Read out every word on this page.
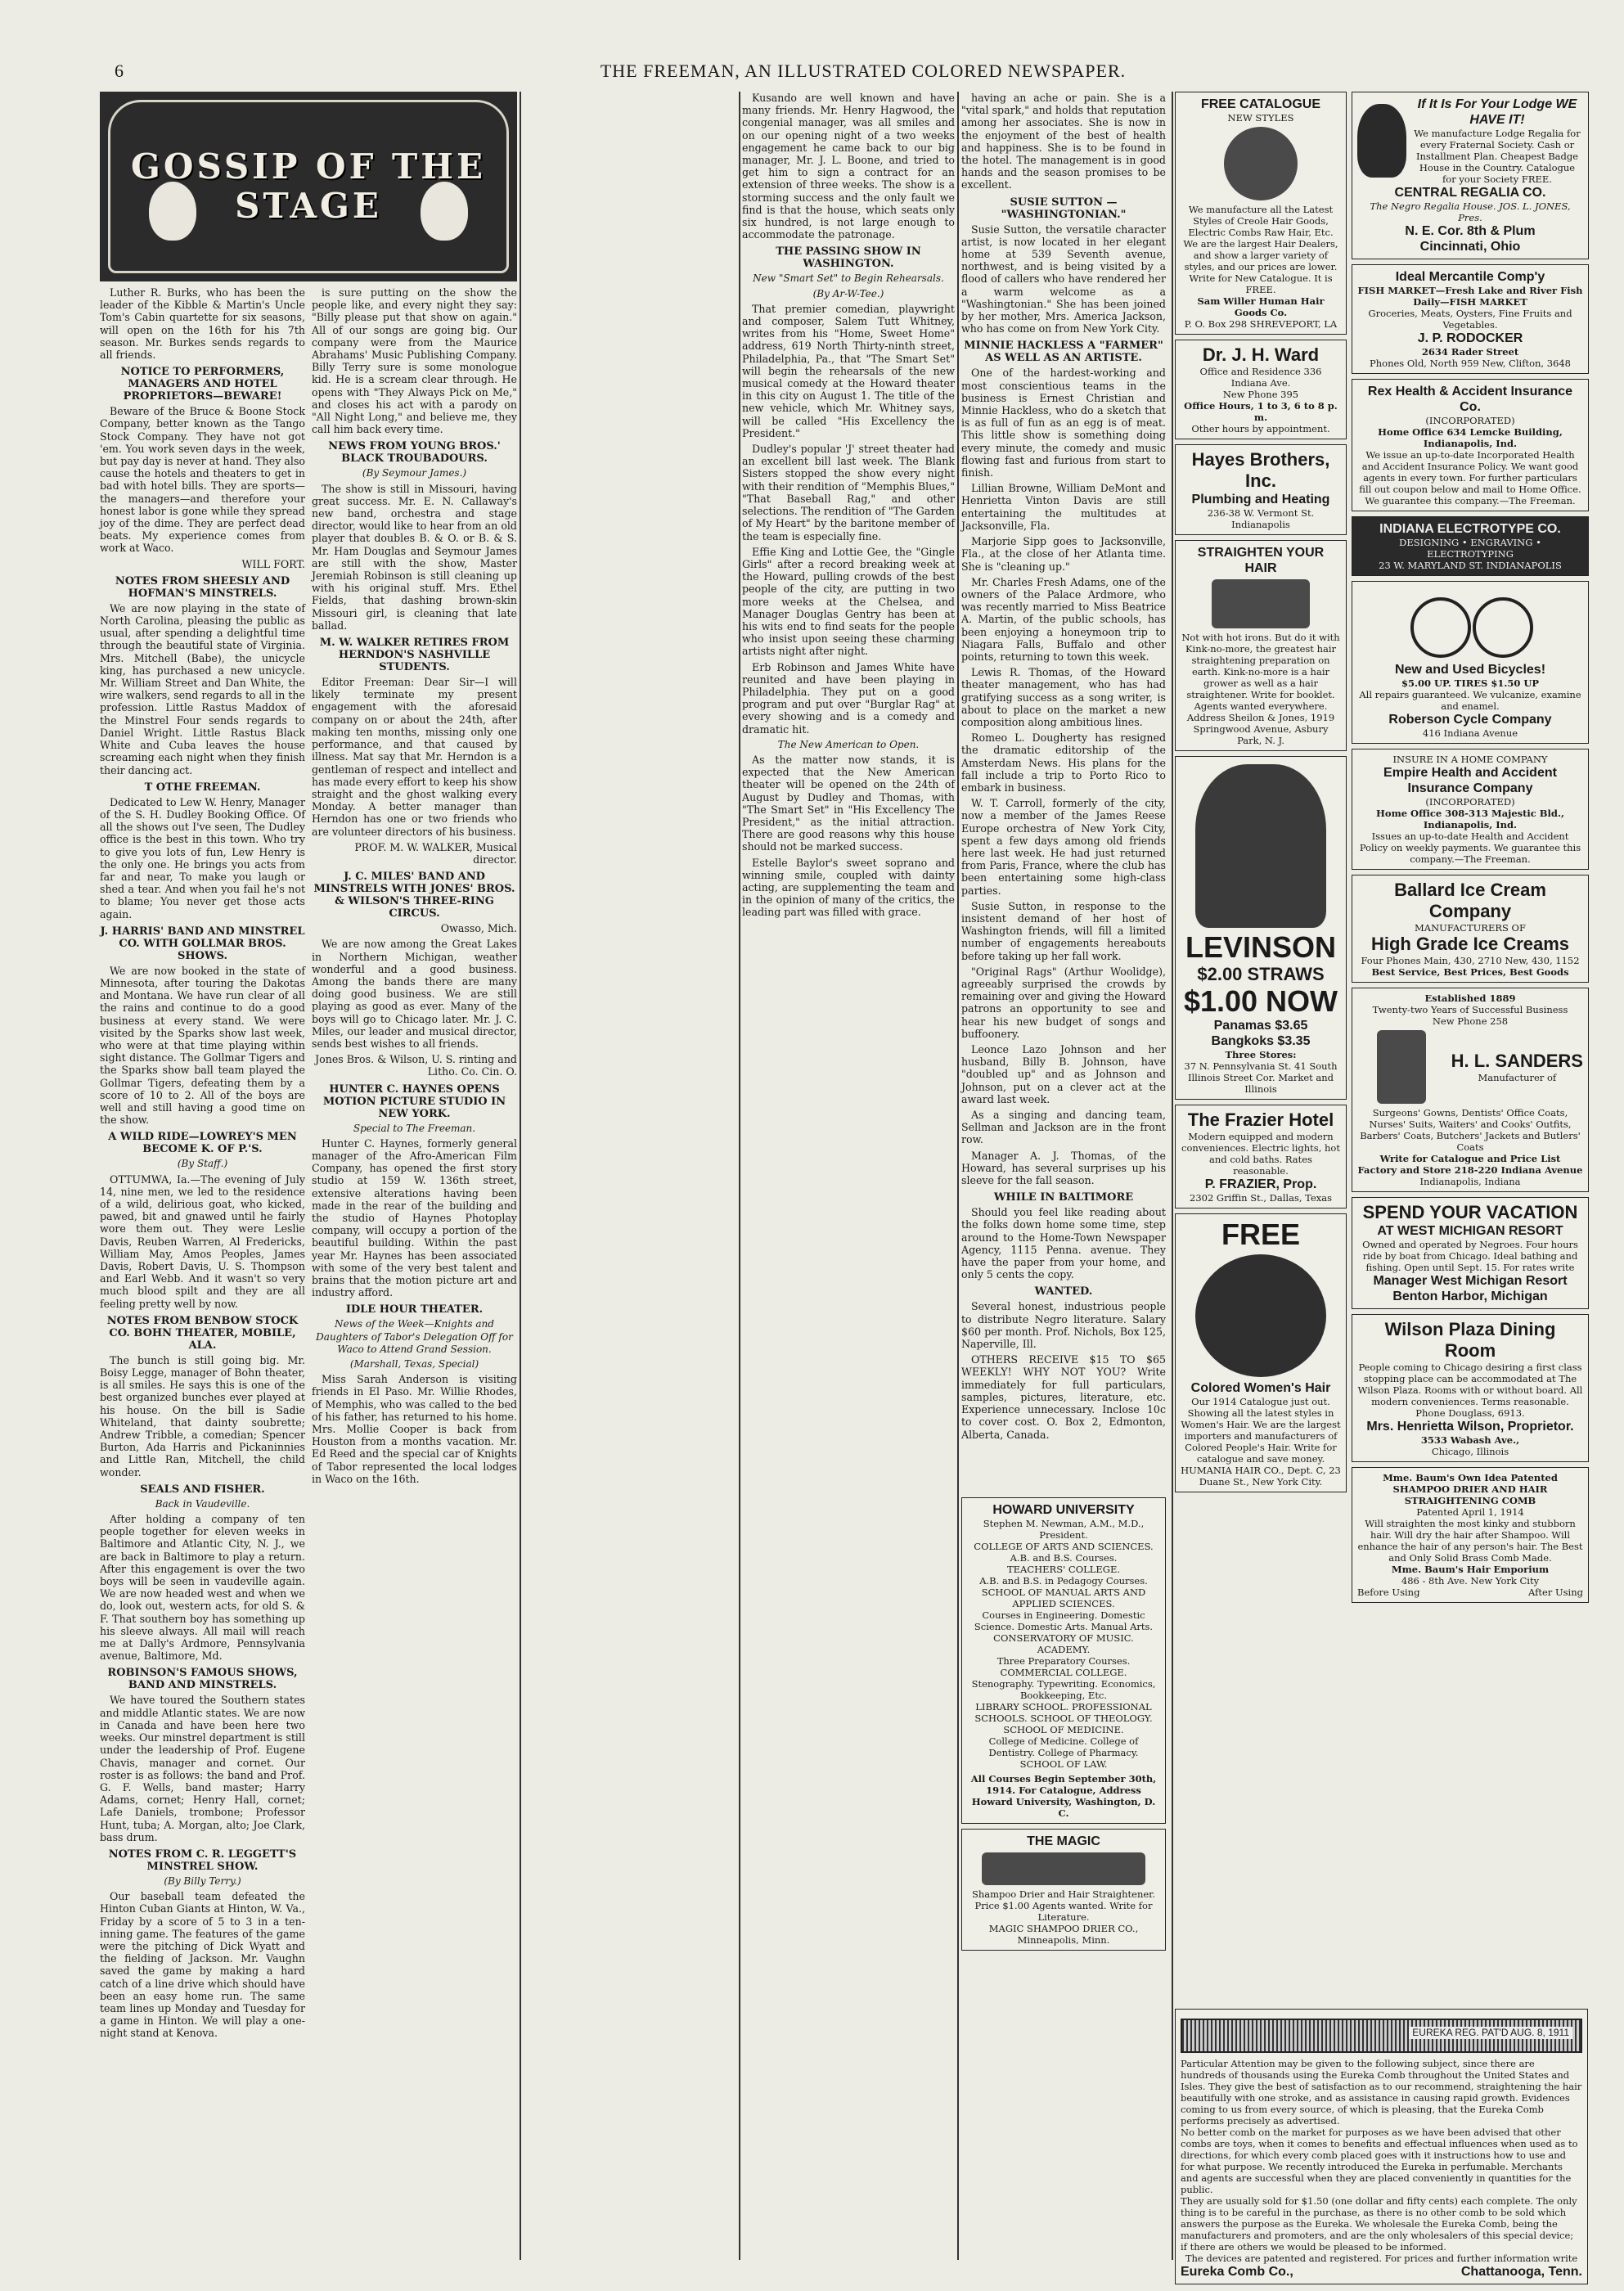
6	THE FREEMAN, AN ILLUSTRATED COLORED NEWSPAPER.
GOSSIP OF THE STAGE

Luther R. Burks, who has been the leader of the Kibble & Martin's Uncle Tom's Cabin quartette for six seasons, will open on the 16th for his 7th season. Mr. Burkes sends regards to all friends.

NOTICE TO PERFORMERS, MANAGERS AND HOTEL PROPRIETORS—BEWARE!

Beware of the Bruce & Boone Stock Company, better known as the Tango Stock Company. They have not got 'em. You work seven days in the week, but pay day is never at hand. They also cause the hotels and theaters to get in bad with hotel bills. They are sports—the managers—and therefore your honest labor is gone while they spread joy of the dime. They are perfect dead beats. My experience comes from work at Waco.

WILL FORT.

NOTES FROM SHEESLY AND HOFMAN'S MINSTRELS.

We are now playing in the state of North Carolina, pleasing the public as usual, after spending a delightful time through the beautiful state of Virginia. Mrs. Mitchell (Babe), the unicycle king, has purchased a new unicycle. Mr. William Street and Dan White, the wire walkers, send regards to all in the profession. Little Rastus Maddox of the Minstrel Four sends regards to Daniel Wright. Little Rastus Black White and Cuba leaves the house screaming each night when they finish their dancing act.

T OTHE FREEMAN.

Dedicated to Lew W. Henry, Manager of the S. H. Dudley Booking Office. Of all the shows out I've seen, The Dudley office is the best in this town. Who try to give you lots of fun, Lew Henry is the only one. He brings you acts from far and near, To make you laugh or shed a tear. And when you fail he's not to blame; You never get those acts again.

J. HARRIS' BAND AND MINSTREL CO. WITH GOLLMAR BROS. SHOWS.

We are now booked in the state of Minnesota, after touring the Dakotas and Montana. We have run clear of all the rains and continue to do a good business at every stand. We were visited by the Sparks show last week, who were at that time playing within sight distance. The Gollmar Tigers and the Sparks show ball team played the Gollmar Tigers, defeating them by a score of 10 to 2. All of the boys are well and still having a good time on the show.

A WILD RIDE—LOWREY'S MEN BECOME K. OF P.'S.
(By Staff.)

OTTUMWA, Ia.—The evening of July 14, nine men, we led to the residence of a wild, delirious goat, who kicked, pawed, bit and gnawed until he fairly wore them out. They were Leslie Davis, Reuben Warren, Al Fredericks, William May, Amos Peoples, James Davis, Robert Davis, U. S. Thompson and Earl Webb. And it wasn't so very much blood spilt and they are all feeling pretty well by now.

NOTES FROM BENBOW STOCK CO. BOHN THEATER, MOBILE, ALA.

The bunch is still going big. Mr. Boisy Legge, manager of Bohn theater, is all smiles. He says this is one of the best organized bunches ever played at his house. On the bill is Sadie Whiteland, that dainty soubrette; Andrew Tribble, a comedian; Spencer Burton, Ada Harris and Pickaninnies and Little Ran, Mitchell, the child wonder.

SEALS AND FISHER.
Back in Vaudeville.

After holding a company of ten people together for eleven weeks in Baltimore and Atlantic City, N. J., we are back in Baltimore to play a return. After this engagement is over the two boys will be seen in vaudeville again. We are now headed west and when we do, look out, western acts, for old S. & F. That southern boy has something up his sleeve always. All mail will reach me at Dally's Ardmore, Pennsylvania avenue, Baltimore, Md.

ROBINSON'S FAMOUS SHOWS, BAND AND MINSTRELS.

We have toured the Southern states and middle Atlantic states. We are now in Canada and have been here two weeks. Our minstrel department is still under the leadership of Prof. Eugene Chavis, manager and cornet. Our roster is as follows: the band and Prof. G. F. Wells, band master; Harry Adams, cornet; Henry Hall, cornet; Lafe Daniels, trombone; Professor Hunt, tuba; A. Morgan, alto; Joe Clark, bass drum.

NOTES FROM C. R. LEGGETT'S MINSTREL SHOW.
(By Billy Terry.)

Our baseball team defeated the Hinton Cuban Giants at Hinton, W. Va., Friday by a score of 5 to 3 in a ten-inning game. The features of the game were the pitching of Dick Wyatt and the fielding of Jackson. Mr. Vaughn saved the game by making a hard catch of a line drive which should have been an easy home run. The same team lines up Monday and Tuesday for a game in Hinton. We will play a one-night stand at Kenova.

is sure putting on the show the people like, and every night they say: "Billy please put that show on again." All of our songs are going big. Our company were from the Maurice Abrahams' Music Publishing Company. Billy Terry sure is some monologue kid. He is a scream clear through. He opens with "They Always Pick on Me," and closes his act with a parody on "All Night Long," and believe me, they call him back every time.

NEWS FROM YOUNG BROS.' BLACK TROUBADOURS.
(By Seymour James.)

The show is still in Missouri, having great success. Mr. E. N. Callaway's new band, orchestra and stage director, would like to hear from an old player that doubles B. & O. or B. & S. Mr. Ham Douglas and Seymour James are still with the show, Master Jeremiah Robinson is still cleaning up with his original stuff. Mrs. Ethel Fields, that dashing brown-skin Missouri girl, is cleaning that late ballad.

M. W. WALKER RETIRES FROM HERNDON'S NASHVILLE STUDENTS.

Editor Freeman: Dear Sir—I will likely terminate my present engagement with the aforesaid company on or about the 24th, after making ten months, missing only one performance, and that caused by illness. Mat say that Mr. Herndon is a gentleman of respect and intellect and has made every effort to keep his show straight and the ghost walking every Monday. A better manager than Herndon has one or two friends who are volunteer directors of his business.

PROF. M. W. WALKER, Musical director.

J. C. MILES' BAND AND MINSTRELS WITH JONES' BROS. & WILSON'S THREE-RING CIRCUS.

Owasso, Mich.

We are now among the Great Lakes in Northern Michigan, weather wonderful and a good business. Among the bands there are many doing good business. We are still playing as good as ever. Many of the boys will go to Chicago later. Mr. J. C. Miles, our leader and musical director, sends best wishes to all friends.

Jones Bros. & Wilson, U. S. rinting and Litho. Co. Cin. O.

HUNTER C. HAYNES OPENS MOTION PICTURE STUDIO IN NEW YORK.
Special to The Freeman.

Hunter C. Haynes, formerly general manager of the Afro-American Film Company, has opened the first story studio at 159 W. 136th street, extensive alterations having been made in the rear of the building and the studio of Haynes Photoplay company, will occupy a portion of the beautiful building. Within the past year Mr. Haynes has been associated with some of the very best talent and brains that the motion picture art and industry afford.

IDLE HOUR THEATER.
News of the Week—Knights and Daughters of Tabor's Delegation Off for Waco to Attend Grand Session.
(Marshall, Texas, Special)

Miss Sarah Anderson is visiting friends in El Paso. Mr. Willie Rhodes, of Memphis, who was called to the bed of his father, has returned to his home. Mrs. Mollie Cooper is back from Houston from a months vacation. Mr. Ed Reed and the special car of Knights of Tabor represented the local lodges in Waco on the 16th.

Kusando are well known and have many friends. Mr. Henry Hagwood, the congenial manager, was all smiles and on our opening night of a two weeks engagement he came back to our big manager, Mr. J. L. Boone, and tried to get him to sign a contract for an extension of three weeks. The show is a storming success and the only fault we find is that the house, which seats only six hundred, is not large enough to accommodate the patronage.

THE PASSING SHOW IN WASHINGTON.
New "Smart Set" to Begin Rehearsals.
(By Ar-W-Tee.)

That premier comedian, playwright and composer, Salem Tutt Whitney, writes from his "Home, Sweet Home" address, 619 North Thirty-ninth street, Philadelphia, Pa., that "The Smart Set" will begin the rehearsals of the new musical comedy at the Howard theater in this city on August 1. The title of the new vehicle, which Mr. Whitney says, will be called "His Excellency the President."

Dudley's popular 'J' street theater had an excellent bill last week. The Blank Sisters stopped the show every night with their rendition of "Memphis Blues," "That Baseball Rag," and other selections. The rendition of "The Garden of My Heart" by the baritone member of the team is especially fine.

Effie King and Lottie Gee, the "Gingle Girls" after a record breaking week at the Howard, pulling crowds of the best people of the city, are putting in two more weeks at the Chelsea, and Manager Douglas Gentry has been at his wits end to find seats for the people who insist upon seeing these charming artists night after night.

Erb Robinson and James White have reunited and have been playing in Philadelphia. They put on a good program and put over "Burglar Rag" at every showing and is a comedy and dramatic hit.

The New American to Open.

As the matter now stands, it is expected that the New American theater will be opened on the 24th of August by Dudley and Thomas, with "The Smart Set" in "His Excellency The President," as the initial attraction. There are good reasons why this house should not be marked success.

Estelle Baylor's sweet soprano and winning smile, coupled with dainty acting, are supplementing the team and in the opinion of many of the critics, the leading part was filled with grace.

having an ache or pain. She is a "vital spark," and holds that reputation among her associates. She is now in the enjoyment of the best of health and happiness. She is to be found in the hotel. The management is in good hands and the season promises to be excellent.

SUSIE SUTTON — "WASHINGTONIAN."

Susie Sutton, the versatile character artist, is now located in her elegant home at 539 Seventh avenue, northwest, and is being visited by a flood of callers who have rendered her a warm welcome as a "Washingtonian." She has been joined by her mother, Mrs. America Jackson, who has come on from New York City.

MINNIE HACKLESS A "FARMER" AS WELL AS AN ARTISTE.

One of the hardest-working and most conscientious teams in the business is Ernest Christian and Minnie Hackless, who do a sketch that is as full of fun as an egg is of meat. This little show is something doing every minute, the comedy and music flowing fast and furious from start to finish.

Lillian Browne, William DeMont and Henrietta Vinton Davis are still entertaining the multitudes at Jacksonville, Fla.

Marjorie Sipp goes to Jacksonville, Fla., at the close of her Atlanta time. She is "cleaning up."

Mr. Charles Fresh Adams, one of the owners of the Palace Ardmore, who was recently married to Miss Beatrice A. Martin, of the public schools, has been enjoying a honeymoon trip to Niagara Falls, Buffalo and other points, returning to town this week.

Lewis R. Thomas, of the Howard theater management, who has had gratifying success as a song writer, is about to place on the market a new composition along ambitious lines.

Romeo L. Dougherty has resigned the dramatic editorship of the Amsterdam News. His plans for the fall include a trip to Porto Rico to embark in business.

W. T. Carroll, formerly of the city, now a member of the James Reese Europe orchestra of New York City, spent a few days among old friends here last week. He had just returned from Paris, France, where the club has been entertaining some high-class parties.

Susie Sutton, in response to the insistent demand of her host of Washington friends, will fill a limited number of engagements hereabouts before taking up her fall work.

"Original Rags" (Arthur Woolidge), agreeably surprised the crowds by remaining over and giving the Howard patrons an opportunity to see and hear his new budget of songs and buffoonery.

Leonce Lazo Johnson and her husband, Billy B. Johnson, have "doubled up" and as Johnson and Johnson, put on a clever act at the award last week.

As a singing and dancing team, Sellman and Jackson are in the front row.

Manager A. J. Thomas, of the Howard, has several surprises up his sleeve for the fall season.

WHILE IN BALTIMORE

Should you feel like reading about the folks down home some time, step around to the Home-Town Newspaper Agency, 1115 Penna. avenue. They have the paper from your home, and only 5 cents the copy.

WANTED.

Several honest, industrious people to distribute Negro literature. Salary $60 per month. Prof. Nichols, Box 125, Naperville, Ill.

OTHERS RECEIVE $15 TO $65 WEEKLY! WHY NOT YOU? Write immediately for full particulars, samples, pictures, literature, etc. Experience unnecessary. Inclose 10c to cover cost. O. Box 2, Edmonton, Alberta, Canada.

HOWARD UNIVERSITY
Stephen M. Newman, A.M., M.D., President.
COLLEGE OF ARTS AND SCIENCES.
A.B. and B.S. Courses.
TEACHERS' COLLEGE.
A.B. and B.S. in Pedagogy Courses.
SCHOOL OF MANUAL ARTS AND APPLIED SCIENCES.
Courses in Engineering. Domestic Science. Domestic Arts. Manual Arts.
CONSERVATORY OF MUSIC. ACADEMY.
Three Preparatory Courses.
COMMERCIAL COLLEGE.
Stenography. Typewriting. Economics, Bookkeeping, Etc.
LIBRARY SCHOOL. PROFESSIONAL SCHOOLS. SCHOOL OF THEOLOGY. SCHOOL OF MEDICINE.
College of Medicine. College of Dentistry. College of Pharmacy. SCHOOL OF LAW.
All Courses Begin September 30th, 1914. For Catalogue, Address Howard University, Washington, D. C.
THE MAGIC
Shampoo Drier and Hair Straightener. Price $1.00 Agents wanted. Write for Literature.
MAGIC SHAMPOO DRIER CO., Minneapolis, Minn.
FREE CATALOGUE
NEW STYLES
We manufacture all the Latest Styles of Creole Hair Goods, Electric Combs Raw Hair, Etc. We are the largest Hair Dealers, and show a larger variety of styles, and our prices are lower. Write for New Catalogue. It is FREE.
Sam Willer Human Hair Goods Co.
P. O. Box 298 SHREVEPORT, LA
Dr. J. H. Ward
Office and Residence 336 Indiana Ave.
New Phone 395
Office Hours, 1 to 3, 6 to 8 p. m.
Other hours by appointment.
Hayes Brothers, Inc.
Plumbing and Heating
236-38 W. Vermont St. Indianapolis
STRAIGHTEN YOUR HAIR
Not with hot irons. But do it with Kink-no-more, the greatest hair straightening preparation on earth. Kink-no-more is a hair grower as well as a hair straightener. Write for booklet. Agents wanted everywhere.
Address Sheilon & Jones, 1919 Springwood Avenue, Asbury Park, N. J.
LEVINSON
$2.00 STRAWS
$1.00 NOW
Panamas $3.65
Bangkoks $3.35
Three Stores:
37 N. Pennsylvania St. 41 South Illinois Street Cor. Market and Illinois
The Frazier Hotel
Modern equipped and modern conveniences. Electric lights, hot and cold baths. Rates reasonable.
P. FRAZIER, Prop.
2302 Griffin St., Dallas, Texas
FREE
Colored Women's Hair
Our 1914 Catalogue just out. Showing all the latest styles in Women's Hair. We are the largest importers and manufacturers of Colored People's Hair. Write for catalogue and save money. HUMANIA HAIR CO., Dept. C, 23 Duane St., New York City.
If It Is For Your Lodge WE HAVE IT!
We manufacture Lodge Regalia for every Fraternal Society. Cash or Installment Plan. Cheapest Badge House in the Country. Catalogue for your Society FREE.
CENTRAL REGALIA CO.
The Negro Regalia House. JOS. L. JONES, Pres.
N. E. Cor. 8th & Plum
Cincinnati, Ohio
Ideal Mercantile Comp'y
FISH MARKET—Fresh Lake and River Fish Daily—FISH MARKET
Groceries, Meats, Oysters, Fine Fruits and Vegetables.
J. P. RODOCKER
2634 Rader Street
Phones Old, North 959 New, Clifton, 3648
Rex Health & Accident Insurance Co.
(INCORPORATED)
Home Office 634 Lemcke Building, Indianapolis, Ind.
We issue an up-to-date Incorporated Health and Accident Insurance Policy. We want good agents in every town. For further particulars fill out coupon below and mail to Home Office.
We guarantee this company.—The Freeman.
INDIANA ELECTROTYPE CO.
DESIGNING • ENGRAVING • ELECTROTYPING
23 W. MARYLAND ST. INDIANAPOLIS
New and Used Bicycles!
$5.00 UP. TIRES $1.50 UP
All repairs guaranteed. We vulcanize, examine and enamel.
Roberson Cycle Company
416 Indiana Avenue
INSURE IN A HOME COMPANY
Empire Health and Accident Insurance Company
(INCORPORATED)
Home Office 308-313 Majestic Bld., Indianapolis, Ind.
Issues an up-to-date Health and Accident Policy on weekly payments. We guarantee this company.—The Freeman.
Ballard Ice Cream Company
MANUFACTURERS OF
High Grade Ice Creams
Four Phones Main, 430, 2710 New, 430, 1152
Best Service, Best Prices, Best Goods
Established 1889
Twenty-two Years of Successful Business
New Phone 258
H. L. SANDERS
Manufacturer of
Surgeons' Gowns, Dentists' Office Coats, Nurses' Suits, Waiters' and Cooks' Outfits, Barbers' Coats, Butchers' Jackets and Butlers' Coats
Write for Catalogue and Price List
Factory and Store 218-220 Indiana Avenue
Indianapolis, Indiana
SPEND YOUR VACATION
AT WEST MICHIGAN RESORT
Owned and operated by Negroes. Four hours ride by boat from Chicago. Ideal bathing and fishing. Open until Sept. 15. For rates write
Manager West Michigan Resort
Benton Harbor, Michigan
Wilson Plaza Dining Room
People coming to Chicago desiring a first class stopping place can be accommodated at The Wilson Plaza. Rooms with or without board. All modern conveniences. Terms reasonable. Phone Douglass, 6913.
Mrs. Henrietta Wilson, Proprietor.
3533 Wabash Ave.,
Chicago, Illinois
Mme. Baum's Own Idea Patented
SHAMPOO DRIER AND HAIR STRAIGHTENING COMB
Patented April 1, 1914
Will straighten the most kinky and stubborn hair. Will dry the hair after Shampoo. Will enhance the hair of any person's hair. The Best and Only Solid Brass Comb Made.
Mme. Baum's Hair Emporium
486 - 8th Ave. New York City
Before Using	After Using
EUREKA REG. PAT'D AUG. 8, 1911
Particular Attention may be given to the following subject, since there are hundreds of thousands using the Eureka Comb throughout the United States and Isles. They give the best of satisfaction as to our recommend, straightening the hair beautifully with one stroke, and as assistance in causing rapid growth. Evidences coming to us from every source, of which is pleasing, that the Eureka Comb performs precisely as advertised.
No better comb on the market for purposes as we have been advised that other combs are toys, when it comes to benefits and effectual influences when used as to directions, for which every comb placed goes with it instructions how to use and for what purpose. We recently introduced the Eureka in perfumable. Merchants and agents are successful when they are placed conveniently in quantities for the public.
They are usually sold for $1.50 (one dollar and fifty cents) each complete. The only thing is to be careful in the purchase, as there is no other comb to be sold which answers the purpose as the Eureka. We wholesale the Eureka Comb, being the manufacturers and promoters, and are the only wholesalers of this special device; if there are others we would be pleased to be informed.
The devices are patented and registered. For prices and further information write
Eureka Comb Co.,	Chattanooga, Tenn.
